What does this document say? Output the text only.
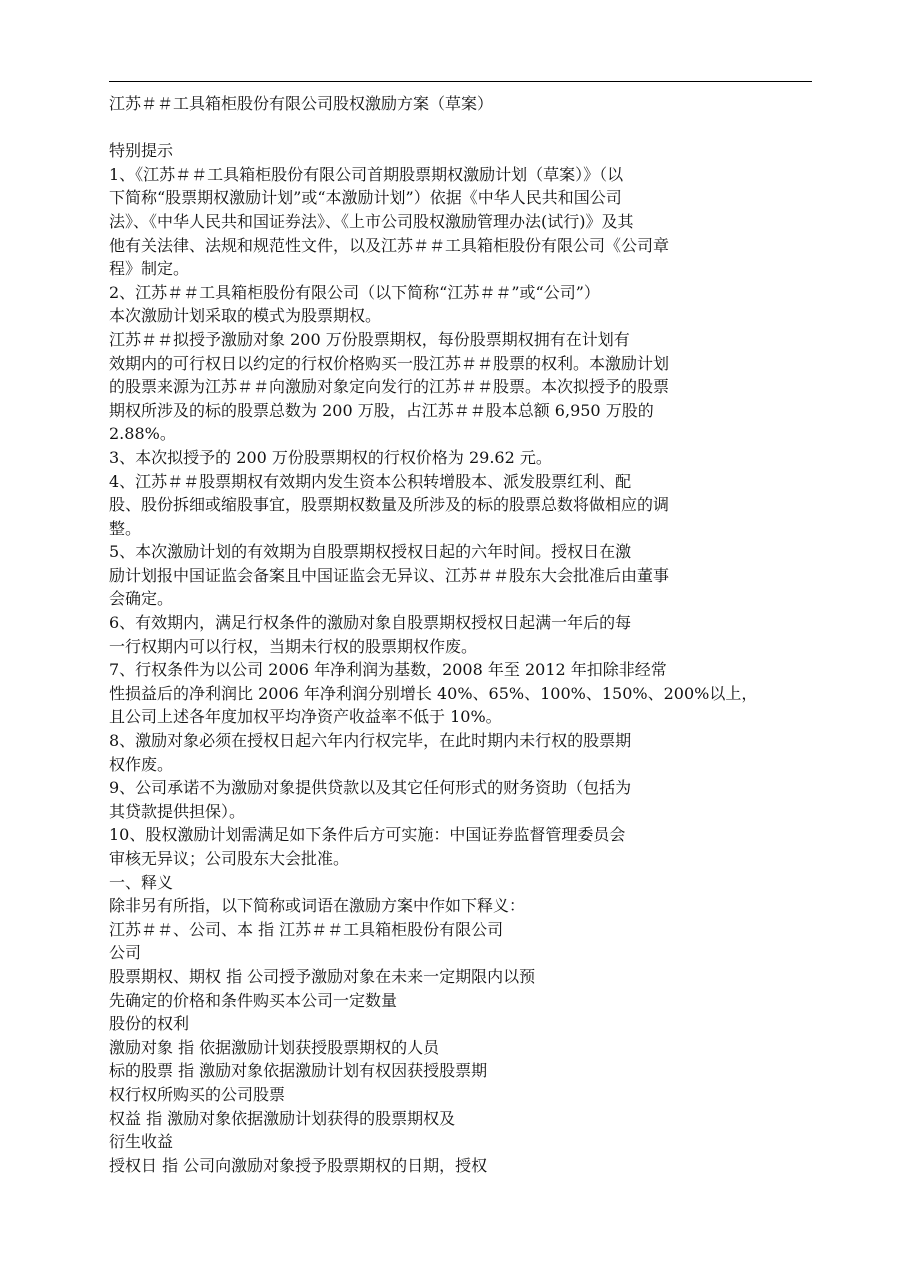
江苏＃＃工具箱柜股份有限公司股权激励方案（草案）
特别提示
1、《江苏＃＃工具箱柜股份有限公司首期股票期权激励计划（草案）》（以
下简称“股票期权激励计划”或“本激励计划”）依据《中华人民共和国公司
法》、《中华人民共和国证券法》、《上市公司股权激励管理办法(试行)》及其
他有关法律、法规和规范性文件，以及江苏＃＃工具箱柜股份有限公司《公司章
程》制定。
2、江苏＃＃工具箱柜股份有限公司（以下简称“江苏＃＃”或“公司”）
本次激励计划采取的模式为股票期权。
江苏＃＃拟授予激励对象 200 万份股票期权，每份股票期权拥有在计划有
效期内的可行权日以约定的行权价格购买一股江苏＃＃股票的权利。本激励计划
的股票来源为江苏＃＃向激励对象定向发行的江苏＃＃股票。本次拟授予的股票
期权所涉及的标的股票总数为 200 万股，占江苏＃＃股本总额 6,950 万股的
2.88%。
3、本次拟授予的 200 万份股票期权的行权价格为 29.62 元。
4、江苏＃＃股票期权有效期内发生资本公积转增股本、派发股票红利、配
股、股份拆细或缩股事宜，股票期权数量及所涉及的标的股票总数将做相应的调
整。
5、本次激励计划的有效期为自股票期权授权日起的六年时间。授权日在激
励计划报中国证监会备案且中国证监会无异议、江苏＃＃股东大会批准后由董事
会确定。
6、有效期内，满足行权条件的激励对象自股票期权授权日起满一年后的每
一行权期内可以行权，当期未行权的股票期权作废。
7、行权条件为以公司 2006 年净利润为基数，2008 年至 2012 年扣除非经常
性损益后的净利润比 2006 年净利润分别增长 40%、65%、100%、150%、200%以上，
且公司上述各年度加权平均净资产收益率不低于 10%。
8、激励对象必须在授权日起六年内行权完毕，在此时期内未行权的股票期
权作废。
9、公司承诺不为激励对象提供贷款以及其它任何形式的财务资助（包括为
其贷款提供担保）。
10、股权激励计划需满足如下条件后方可实施：中国证券监督管理委员会
审核无异议；公司股东大会批准。
一、释义
除非另有所指，以下简称或词语在激励方案中作如下释义：
江苏＃＃、公司、本 指 江苏＃＃工具箱柜股份有限公司
公司
股票期权、期权 指 公司授予激励对象在未来一定期限内以预
先确定的价格和条件购买本公司一定数量
股份的权利
激励对象 指 依据激励计划获授股票期权的人员
标的股票 指 激励对象依据激励计划有权因获授股票期
权行权所购买的公司股票
权益 指 激励对象依据激励计划获得的股票期权及
衍生收益
授权日 指 公司向激励对象授予股票期权的日期，授权
